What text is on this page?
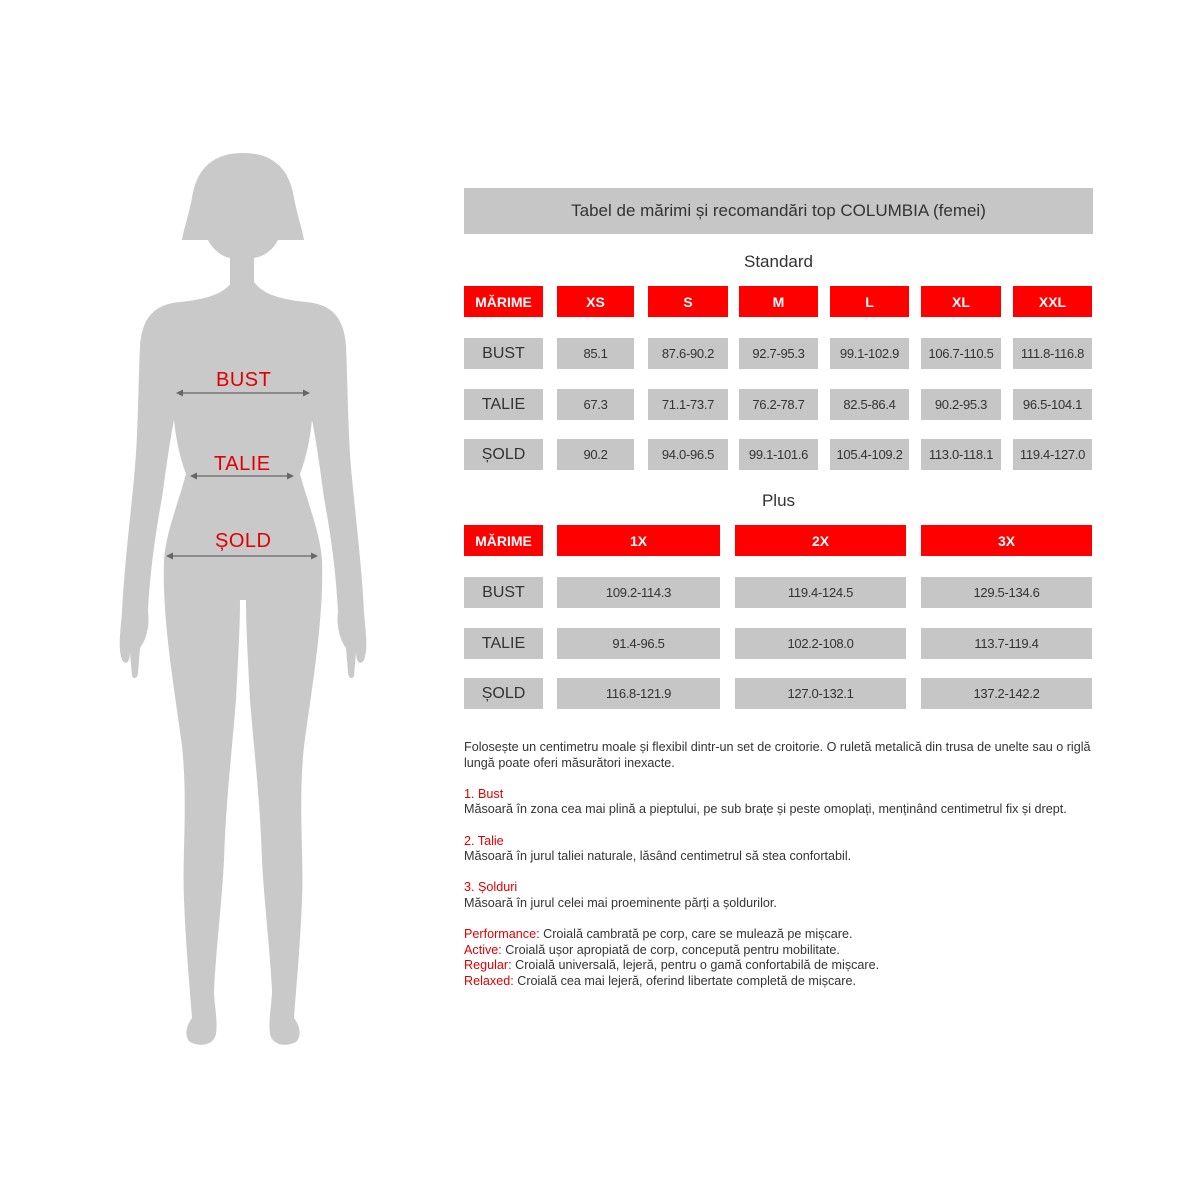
BUST
TALIE
ȘOLD
Tabel de mărimi și recomandări top COLUMBIA (femei)
Standard
MĂRIME	XS	S	M	L	XL	XXL
BUST	85.1	87.6-90.2	92.7-95.3	99.1-102.9	106.7-110.5	111.8-116.8
TALIE	67.3	71.1-73.7	76.2-78.7	82.5-86.4	90.2-95.3	96.5-104.1
ȘOLD	90.2	94.0-96.5	99.1-101.6	105.4-109.2	113.0-118.1	119.4-127.0
Plus
MĂRIME	1X	2X	3X
BUST	109.2-114.3	119.4-124.5	129.5-134.6
TALIE	91.4-96.5	102.2-108.0	113.7-119.4
ȘOLD	116.8-121.9	127.0-132.1	137.2-142.2

Folosește un centimetru moale și flexibil dintr-un set de croitorie. O ruletă metalică din trusa de unelte sau o riglă lungă poate oferi măsurători inexacte.

1. Bust
Măsoară în zona cea mai plină a pieptului, pe sub brațe și peste omoplați, menținând centimetrul fix și drept.

2. Talie
Măsoară în jurul taliei naturale, lăsând centimetrul să stea confortabil.

3. Șolduri
Măsoară în jurul celei mai proeminente părți a șoldurilor.

Performance: Croială cambrată pe corp, care se mulează pe mișcare.
Active: Croială ușor apropiată de corp, concepută pentru mobilitate.
Regular: Croială universală, lejeră, pentru o gamă confortabilă de mișcare.
Relaxed: Croială cea mai lejeră, oferind libertate completă de mișcare.
